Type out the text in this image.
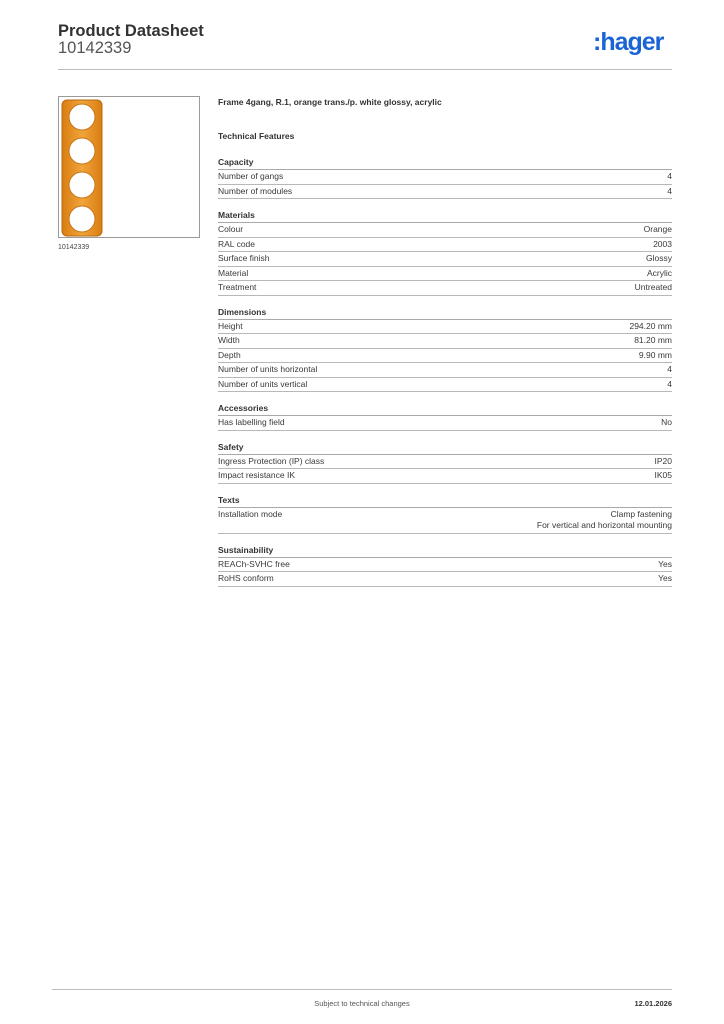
Product Datasheet
10142339	:hager
10142339
Frame 4gang, R.1, orange trans./p. white glossy, acrylic
Technical Features
Capacity
Number of gangs	4
Number of modules	4
Materials
Colour	Orange
RAL code	2003
Surface finish	Glossy
Material	Acrylic
Treatment	Untreated
Dimensions
Height	294.20 mm
Width	81.20 mm
Depth	9.90 mm
Number of units horizontal	4
Number of units vertical	4
Accessories
Has labelling field	No
Safety
Ingress Protection (IP) class	IP20
Impact resistance IK	IK05
Texts
Installation mode	Clamp fastening
For vertical and horizontal mounting
Sustainability
REACh-SVHC free	Yes
RoHS conform	Yes
Subject to technical changes	12.01.2026
